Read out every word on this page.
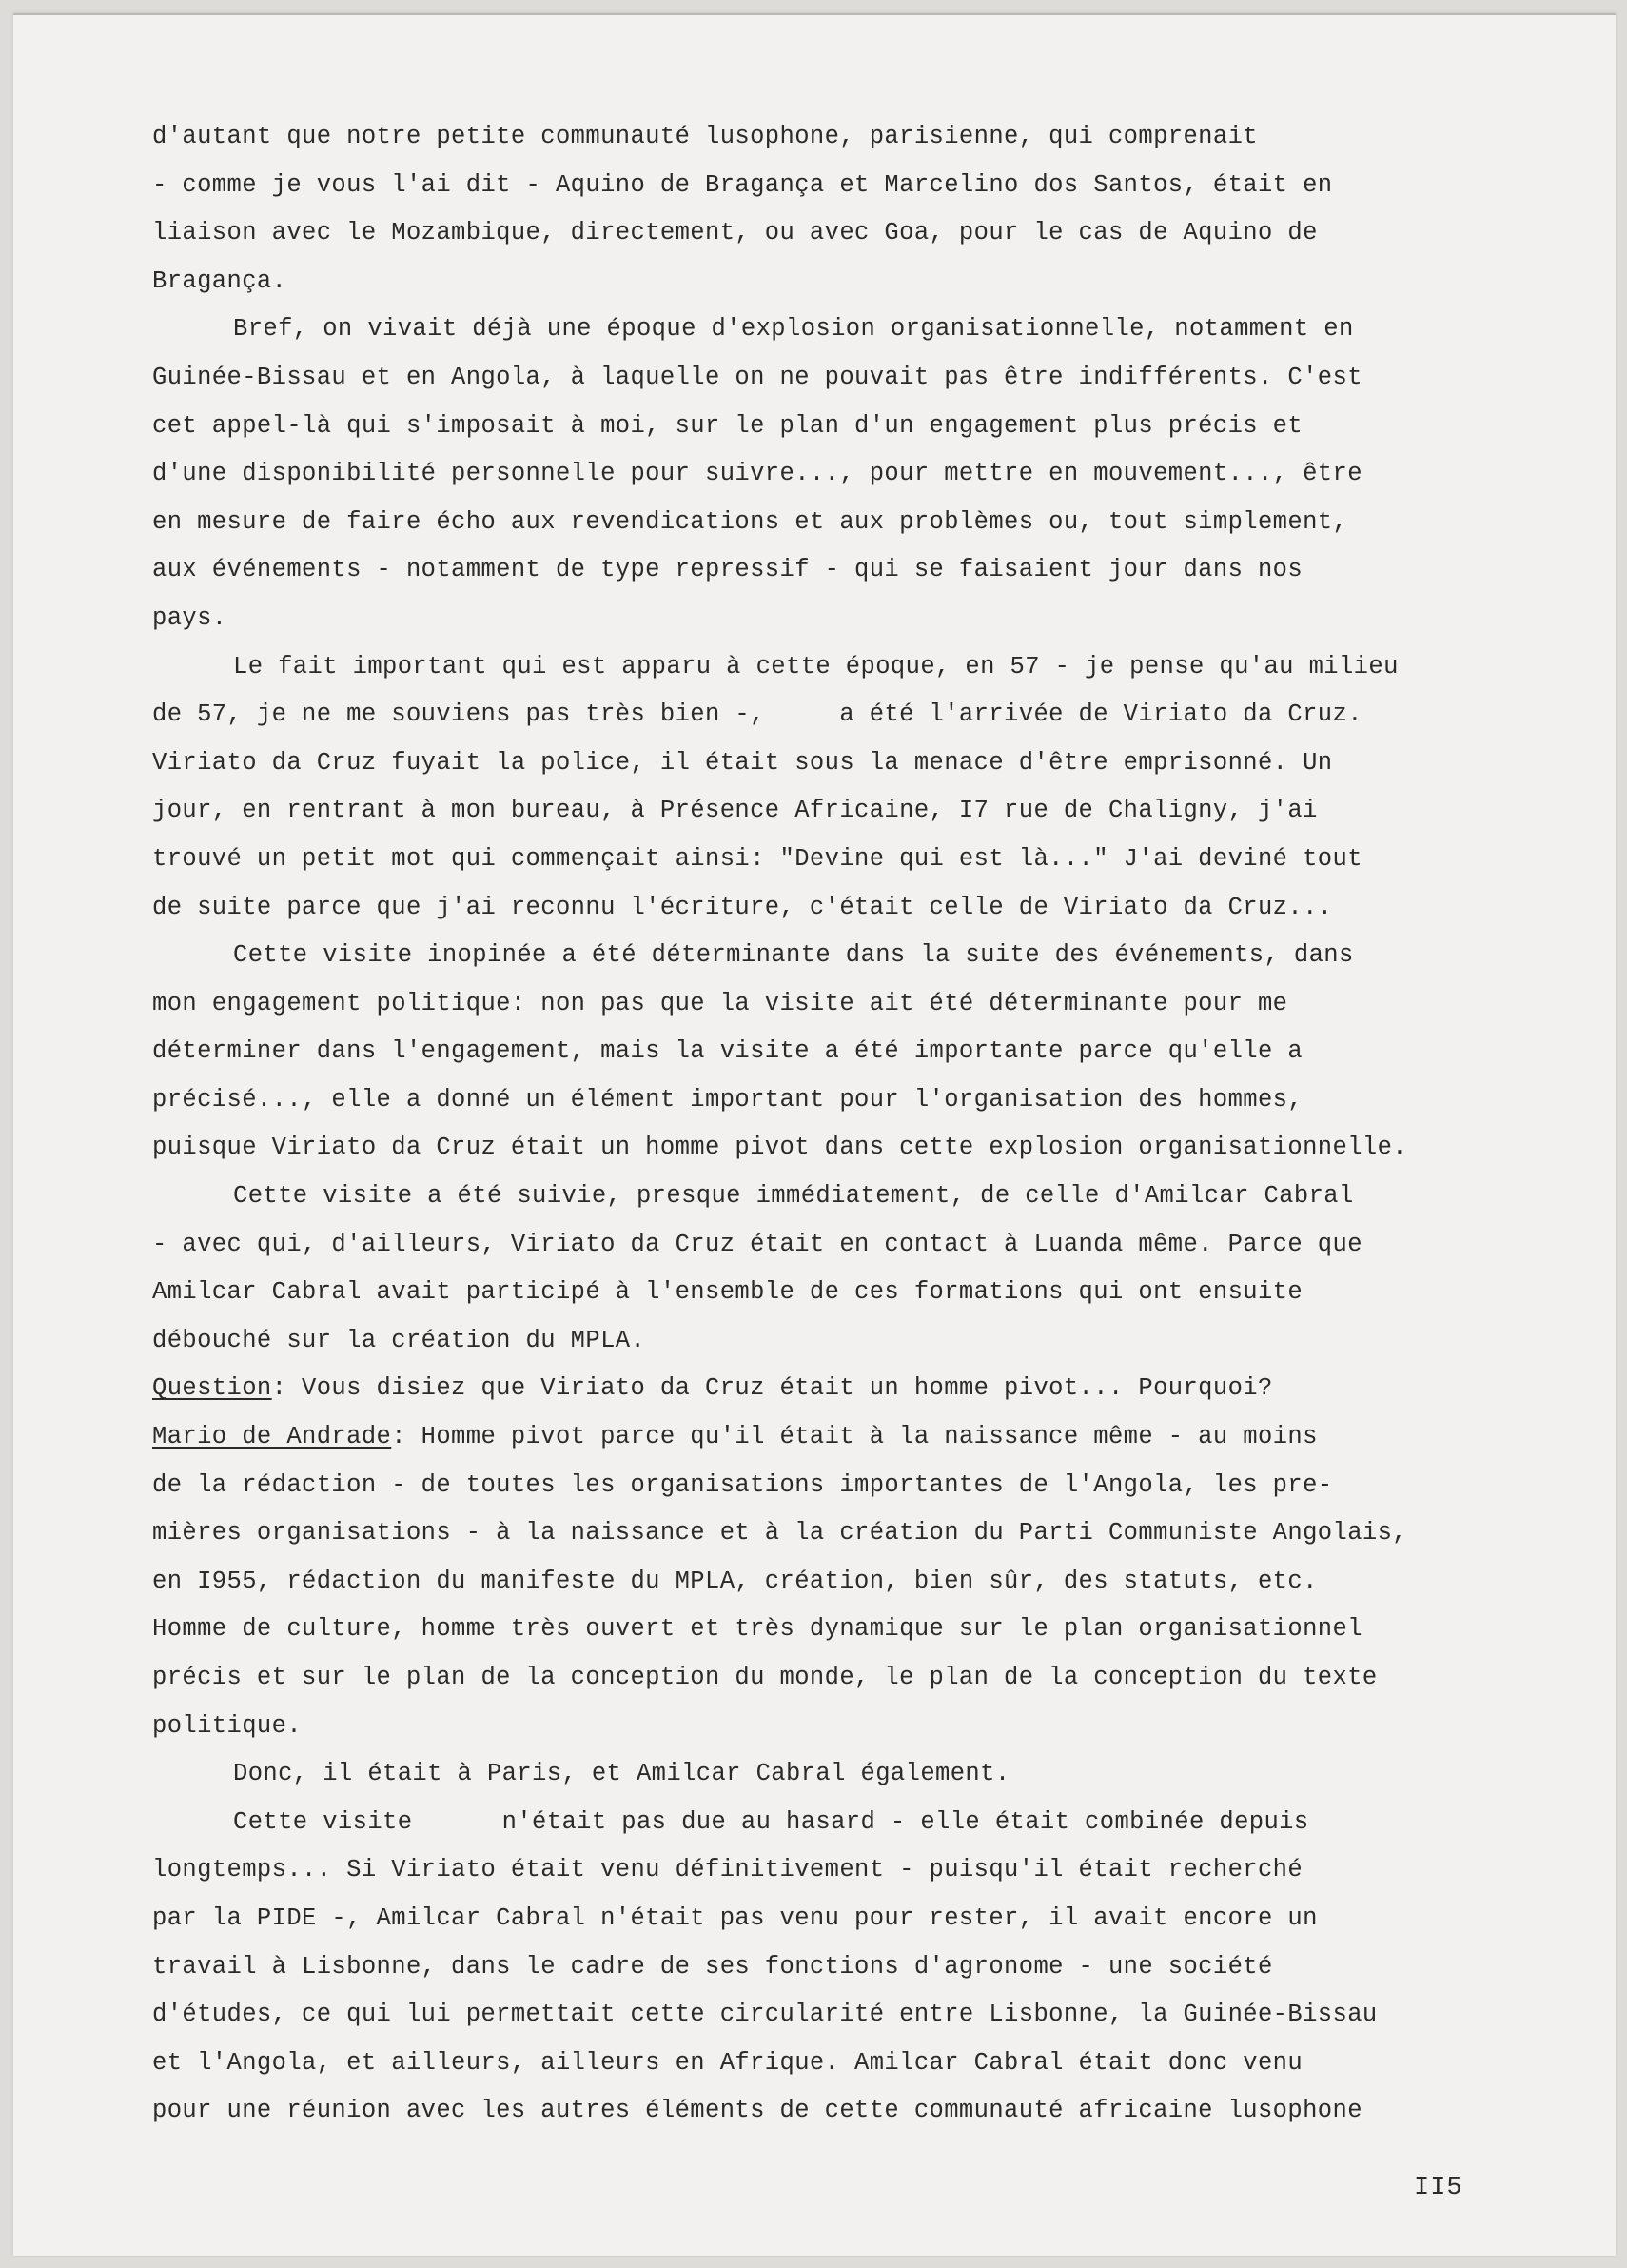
d'autant que notre petite communauté lusophone, parisienne, qui comprenait
- comme je vous l'ai dit - Aquino de Bragança et Marcelino dos Santos, était en
liaison avec le Mozambique, directement, ou avec Goa, pour le cas de Aquino de
Bragança.
Bref, on vivait déjà une époque d'explosion organisationnelle, notamment en
Guinée-Bissau et en Angola, à laquelle on ne pouvait pas être indifférents. C'est
cet appel-là qui s'imposait à moi, sur le plan d'un engagement plus précis et
d'une disponibilité personnelle pour suivre..., pour mettre en mouvement..., être
en mesure de faire écho aux revendications et aux problèmes ou, tout simplement,
aux événements - notamment de type repressif - qui se faisaient jour dans nos
pays.
Le fait important qui est apparu à cette époque, en 57 - je pense qu'au milieu
de 57, je ne me souviens pas très bien -,     a été l'arrivée de Viriato da Cruz.
Viriato da Cruz fuyait la police, il était sous la menace d'être emprisonné. Un
jour, en rentrant à mon bureau, à Présence Africaine, I7 rue de Chaligny, j'ai
trouvé un petit mot qui commençait ainsi: "Devine qui est là..." J'ai deviné tout
de suite parce que j'ai reconnu l'écriture, c'était celle de Viriato da Cruz...
Cette visite inopinée a été déterminante dans la suite des événements, dans
mon engagement politique: non pas que la visite ait été déterminante pour me
déterminer dans l'engagement, mais la visite a été importante parce qu'elle a
précisé..., elle a donné un élément important pour l'organisation des hommes,
puisque Viriato da Cruz était un homme pivot dans cette explosion organisationnelle.
Cette visite a été suivie, presque immédiatement, de celle d'Amilcar Cabral
- avec qui, d'ailleurs, Viriato da Cruz était en contact à Luanda même. Parce que
Amilcar Cabral avait participé à l'ensemble de ces formations qui ont ensuite
débouché sur la création du MPLA.
Question: Vous disiez que Viriato da Cruz était un homme pivot... Pourquoi?
Mario de Andrade: Homme pivot parce qu'il était à la naissance même - au moins
de la rédaction - de toutes les organisations importantes de l'Angola, les pre-
mières organisations - à la naissance et à la création du Parti Communiste Angolais,
en I955, rédaction du manifeste du MPLA, création, bien sûr, des statuts, etc.
Homme de culture, homme très ouvert et très dynamique sur le plan organisationnel
précis et sur le plan de la conception du monde, le plan de la conception du texte
politique.
Donc, il était à Paris, et Amilcar Cabral également.
Cette visite      n'était pas due au hasard - elle était combinée depuis
longtemps... Si Viriato était venu définitivement - puisqu'il était recherché
par la PIDE -, Amilcar Cabral n'était pas venu pour rester, il avait encore un
travail à Lisbonne, dans le cadre de ses fonctions d'agronome - une société
d'études, ce qui lui permettait cette circularité entre Lisbonne, la Guinée-Bissau
et l'Angola, et ailleurs, ailleurs en Afrique. Amilcar Cabral était donc venu
pour une réunion avec les autres éléments de cette communauté africaine lusophone
II5
